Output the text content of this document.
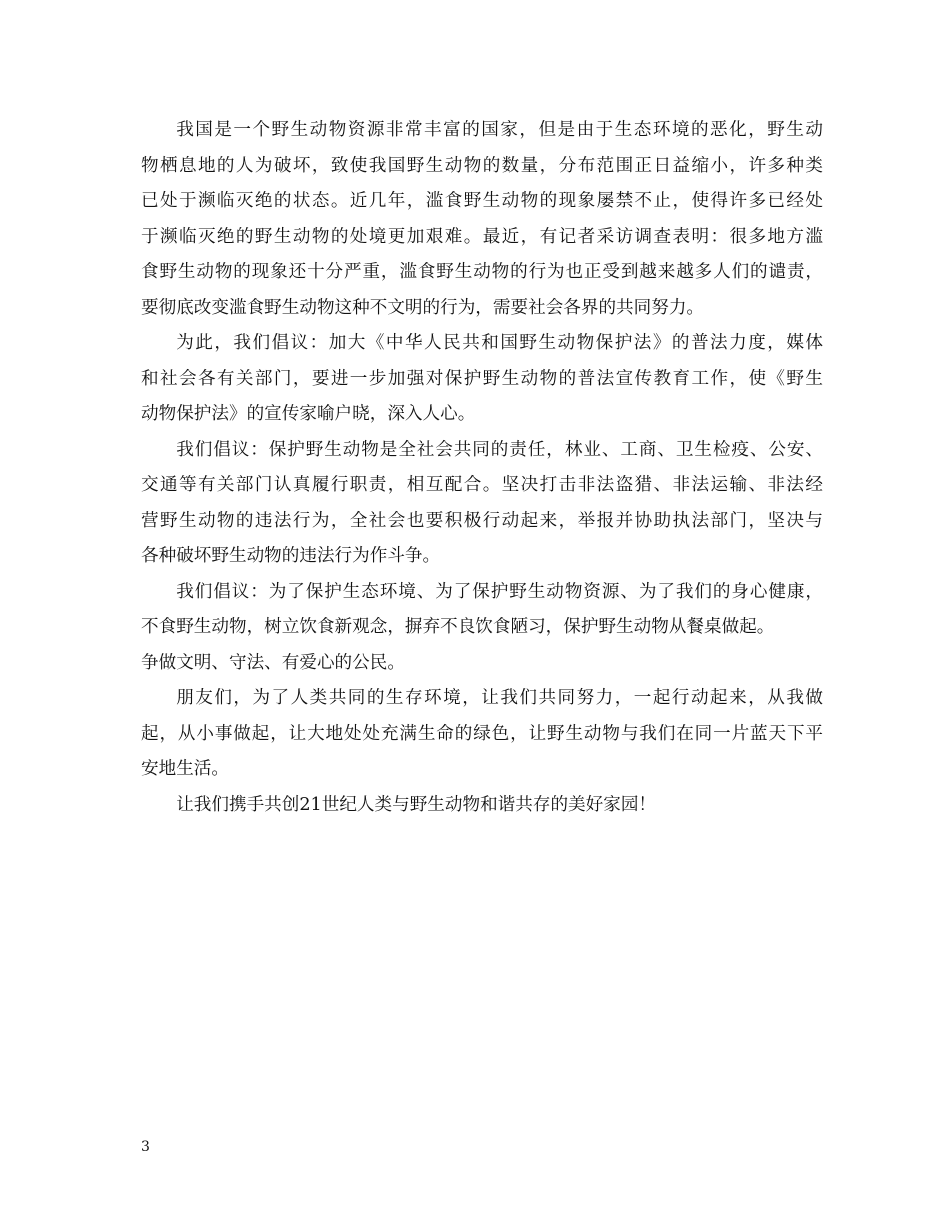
我国是一个野生动物资源非常丰富的国家，但是由于生态环境的恶化，野生动
物栖息地的人为破坏，致使我国野生动物的数量，分布范围正日益缩小，许多种类
已处于濒临灭绝的状态。近几年，滥食野生动物的现象屡禁不止，使得许多已经处
于濒临灭绝的野生动物的处境更加艰难。最近，有记者采访调查表明：很多地方滥
食野生动物的现象还十分严重，滥食野生动物的行为也正受到越来越多人们的谴责，
要彻底改变滥食野生动物这种不文明的行为，需要社会各界的共同努力。

为此，我们倡议：加大《中华人民共和国野生动物保护法》的普法力度，媒体
和社会各有关部门，要进一步加强对保护野生动物的普法宣传教育工作，使《野生
动物保护法》的宣传家喻户晓，深入人心。

我们倡议：保护野生动物是全社会共同的责任，林业、工商、卫生检疫、公安、
交通等有关部门认真履行职责，相互配合。坚决打击非法盗猎、非法运输、非法经
营野生动物的违法行为，全社会也要积极行动起来，举报并协助执法部门，坚决与
各种破坏野生动物的违法行为作斗争。

我们倡议：为了保护生态环境、为了保护野生动物资源、为了我们的身心健康，
不食野生动物，树立饮食新观念，摒弃不良饮食陋习，保护野生动物从餐桌做起。
争做文明、守法、有爱心的公民。

朋友们，为了人类共同的生存环境，让我们共同努力，一起行动起来，从我做
起，从小事做起，让大地处处充满生命的绿色，让野生动物与我们在同一片蓝天下平
安地生活。

让我们携手共创21世纪人类与野生动物和谐共存的美好家园！

3
